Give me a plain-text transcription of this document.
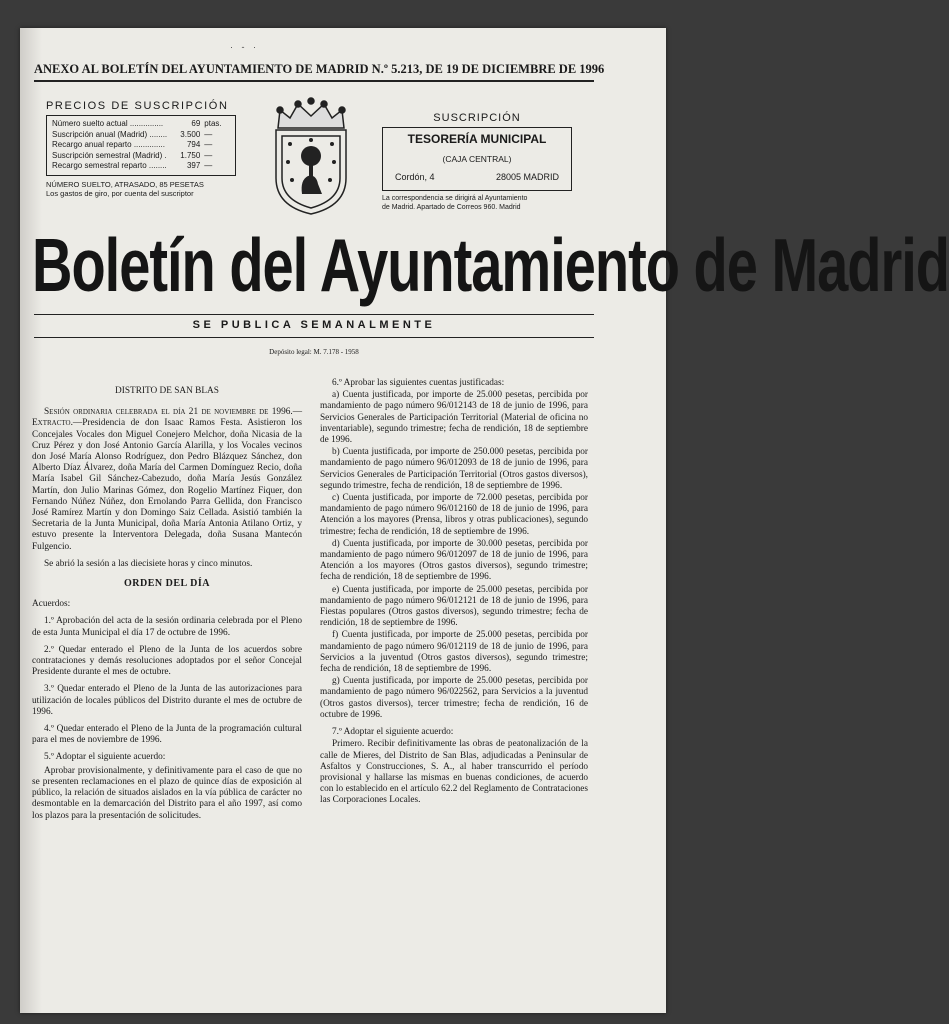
· - ·
ANEXO AL BOLETÍN DEL AYUNTAMIENTO DE MADRID N.º 5.213, DE 19 DE DICIEMBRE DE 1996
PRECIOS DE SUSCRIPCIÓN
Número suelto actual ...............	69 ptas.
Suscripción anual (Madrid) ........	3.500 —
Recargo anual reparto ..............	794 —
Suscripción semestral (Madrid) .	1.750 —
Recargo semestral reparto ........	397 —
NÚMERO SUELTO, ATRASADO, 85 PESETAS
Los gastos de giro, por cuenta del suscriptor
SUSCRIPCIÓN
TESORERÍA MUNICIPAL
(CAJA CENTRAL)
Cordón, 4	28005 MADRID
La correspondencia se dirigirá al Ayuntamiento
de Madrid. Apartado de Correos 960. Madrid
Boletín del Ayuntamiento de Madrid
SE PUBLICA SEMANALMENTE
Depósito legal: M. 7.178 - 1958

DISTRITO DE SAN BLAS

Sesión ordinaria celebrada el día 21 de noviembre de 1996.—Extracto.—Presidencia de don Isaac Ramos Festa. Asistieron los Concejales Vocales don Miguel Conejero Melchor, doña Nicasia de la Cruz Pérez y don José Antonio García Alarilla, y los Vocales vecinos don José María Alonso Rodríguez, don Pedro Blázquez Sánchez, don Alberto Díaz Álvarez, doña María del Carmen Domínguez Recio, doña María Isabel Gil Sánchez-Cabezudo, doña María Jesús González Martín, don Julio Marinas Gómez, don Rogelio Martínez Fiquer, don Fernando Núñez Núñez, don Ernolando Parra Gellida, don Francisco José Ramírez Martín y don Domingo Saiz Cellada. Asistió también la Secretaria de la Junta Municipal, doña María Antonia Atilano Ortiz, y estuvo presente la Interventora Delegada, doña Susana Mantecón Fulgencio.

Se abrió la sesión a las diecisiete horas y cinco minutos.

ORDEN DEL DÍA

Acuerdos:

1.º Aprobación del acta de la sesión ordinaria celebrada por el Pleno de esta Junta Municipal el día 17 de octubre de 1996.

2.º Quedar enterado el Pleno de la Junta de los acuerdos sobre contrataciones y demás resoluciones adoptados por el señor Concejal Presidente durante el mes de octubre.

3.º Quedar enterado el Pleno de la Junta de las autorizaciones para utilización de locales públicos del Distrito durante el mes de octubre de 1996.

4.º Quedar enterado el Pleno de la Junta de la programación cultural para el mes de noviembre de 1996.

5.º Adoptar el siguiente acuerdo:

Aprobar provisionalmente, y definitivamente para el caso de que no se presenten reclamaciones en el plazo de quince días de exposición al público, la relación de situados aislados en la vía pública de carácter no desmontable en la demarcación del Distrito para el año 1997, así como los plazos para la presentación de solicitudes.

6.º Aprobar las siguientes cuentas justificadas:

a) Cuenta justificada, por importe de 25.000 pesetas, percibida por mandamiento de pago número 96/012143 de 18 de junio de 1996, para Servicios Generales de Participación Territorial (Material de oficina no inventariable), segundo trimestre; fecha de rendición, 18 de septiembre de 1996.

b) Cuenta justificada, por importe de 250.000 pesetas, percibida por mandamiento de pago número 96/012093 de 18 de junio de 1996, para Servicios Generales de Participación Territorial (Otros gastos diversos), segundo trimestre, fecha de rendición, 18 de septiembre de 1996.

c) Cuenta justificada, por importe de 72.000 pesetas, percibida por mandamiento de pago número 96/012160 de 18 de junio de 1996, para Atención a los mayores (Prensa, libros y otras publicaciones), segundo trimestre; fecha de rendición, 18 de septiembre de 1996.

d) Cuenta justificada, por importe de 30.000 pesetas, percibida por mandamiento de pago número 96/012097 de 18 de junio de 1996, para Atención a los mayores (Otros gastos diversos), segundo trimestre; fecha de rendición, 18 de septiembre de 1996.

e) Cuenta justificada, por importe de 25.000 pesetas, percibida por mandamiento de pago número 96/012121 de 18 de junio de 1996, para Fiestas populares (Otros gastos diversos), segundo trimestre; fecha de rendición, 18 de septiembre de 1996.

f) Cuenta justificada, por importe de 25.000 pesetas, percibida por mandamiento de pago número 96/012119 de 18 de junio de 1996, para Servicios a la juventud (Otros gastos diversos), segundo trimestre; fecha de rendición, 18 de septiembre de 1996.

g) Cuenta justificada, por importe de 25.000 pesetas, percibida por mandamiento de pago número 96/022562, para Servicios a la juventud (Otros gastos diversos), tercer trimestre; fecha de rendición, 16 de octubre de 1996.

7.º Adoptar el siguiente acuerdo:

Primero. Recibir definitivamente las obras de peatonalización de la calle de Mieres, del Distrito de San Blas, adjudicadas a Peninsular de Asfaltos y Construcciones, S. A., al haber transcurrido el período provisional y hallarse las mismas en buenas condiciones, de acuerdo con lo establecido en el artículo 62.2 del Reglamento de Contrataciones las Corporaciones Locales.
